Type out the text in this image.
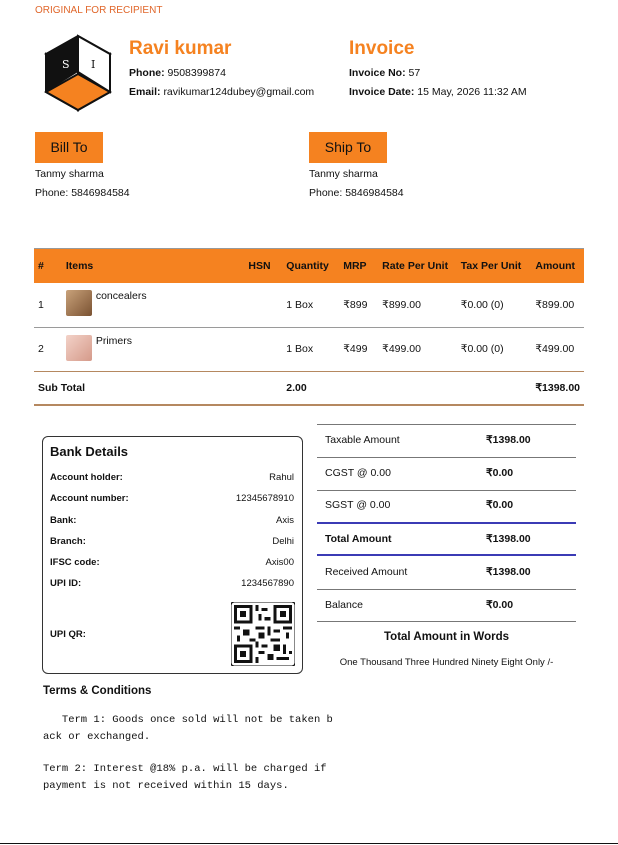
ORIGINAL FOR RECIPIENT
S I
Ravi kumar
Phone: 9508399874
Email: ravikumar124dubey@gmail.com
Invoice
Invoice No: 57
Invoice Date: 15 May, 2026 11:32 AM
Bill To
Tanmy sharma
Phone: 5846984584
Ship To
Tanmy sharma
Phone: 5846984584
#	Items	HSN	Quantity	MRP	Rate Per Unit	Tax Per Unit	Amount
1	concealers		1 Box	₹899	₹899.00	₹0.00 (0)	₹899.00
2	Primers		1 Box	₹499	₹499.00	₹0.00 (0)	₹499.00
Sub Total			2.00				₹1398.00
Bank Details
Account holder:	Rahul
Account number:	12345678910
Bank:	Axis
Branch:	Delhi
IFSC code:	Axis00
UPI ID:	1234567890
UPI QR:
Taxable Amount	₹1398.00
CGST @ 0.00	₹0.00
SGST @ 0.00	₹0.00
Total Amount	₹1398.00
Received Amount	₹1398.00
Balance	₹0.00
Total Amount in Words
One Thousand Three Hundred Ninety Eight Only /-
Terms & Conditions
Term 1: Goods once sold will not be taken b
ack or exchanged.
Term 2: Interest @18% p.a. will be charged if
payment is not received within 15 days.
